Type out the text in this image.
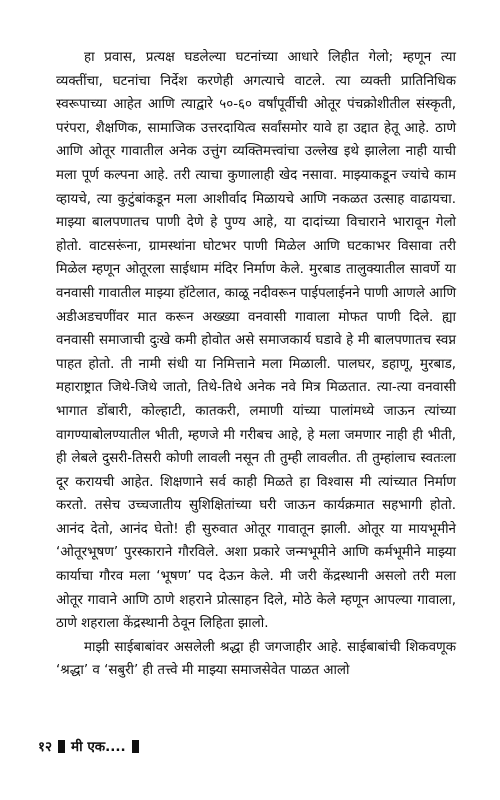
हा प्रवास, प्रत्यक्ष घडलेल्या घटनांच्या आधारे लिहीत गेलो; म्हणून त्या व्यक्तींचा, घटनांचा निर्देश करणेही अगत्याचे वाटले. त्या व्यक्ती प्रातिनिधिक स्वरूपाच्या आहेत आणि त्याद्वारे ५०-६० वर्षांपूर्वीची ओतूर पंचक्रोशीतील संस्कृती, परंपरा, शैक्षणिक, सामाजिक उत्तरदायित्व सर्वांसमोर यावे हा उद्दात हेतू आहे. ठाणे आणि ओतूर गावातील अनेक उत्तुंग व्यक्तिमत्त्वांचा उल्लेख इथे झालेला नाही याची मला पूर्ण कल्पना आहे. तरी त्याचा कुणालाही खेद नसावा. माझ्याकडून ज्यांचे काम व्हायचे, त्या कुटुंबांकडून मला आशीर्वाद मिळायचे आणि नकळत उत्साह वाढायचा. माझ्या बालपणातच पाणी देणे हे पुण्य आहे, या दादांच्या विचाराने भारावून गेलो होतो. वाटसरूंना, ग्रामस्थांना घोटभर पाणी मिळेल आणि घटकाभर विसावा तरी मिळेल म्हणून ओतूरला साईधाम मंदिर निर्माण केले. मुरबाड तालुक्यातील सावर्णे या वनवासी गावातील माझ्या हॉटेलात, काळू नदीवरून पाईपलाईनने पाणी आणले आणि अडीअडचणींवर मात करून अख्ख्या वनवासी गावाला मोफत पाणी दिले. ह्या वनवासी समाजाची दुःखे कमी होवोत असे समाजकार्य घडावे हे मी बालपणातच स्वप्न पाहत होतो. ती नामी संधी या निमित्ताने मला मिळाली. पालघर, डहाणू, मुरबाड, महाराष्ट्रात जिथे-जिथे जातो, तिथे-तिथे अनेक नवे मित्र मिळतात. त्या-त्या वनवासी भागात डोंबारी, कोल्हाटी, कातकरी, लमाणी यांच्या पालांमध्ये जाऊन त्यांच्या वागण्याबोलण्यातील भीती, म्हणजे मी गरीबच आहे, हे मला जमणार नाही ही भीती, ही लेबले दुसरी-तिसरी कोणी लावली नसून ती तुम्ही लावलीत. ती तुम्हांलाच स्वतःला दूर करायची आहेत. शिक्षणाने सर्व काही मिळते हा विश्वास मी त्यांच्यात निर्माण करतो. तसेच उच्चजातीय सुशिक्षितांच्या घरी जाऊन कार्यक्रमात सहभागी होतो. आनंद देतो, आनंद घेतो! ही सुरुवात ओतूर गावातून झाली. ओतूर या मायभूमीने ‘ओतूरभूषण’ पुरस्काराने गौरविले. अशा प्रकारे जन्मभूमीने आणि कर्मभूमीने माझ्या कार्याचा गौरव मला ‘भूषण’ पद देऊन केले. मी जरी केंद्रस्थानी असलो तरी मला ओतूर गावाने आणि ठाणे शहराने प्रोत्साहन दिले, मोठे केले म्हणून आपल्या गावाला, ठाणे शहराला केंद्रस्थानी ठेवून लिहिता झालो.

माझी साईबाबांवर असलेली श्रद्धा ही जगजाहीर आहे. साईबाबांची शिकवणूक ‘श्रद्धा’ व ‘सबुरी’ ही तत्त्वे मी माझ्या समाजसेवेत पाळत आलो

१२ मी एक....
